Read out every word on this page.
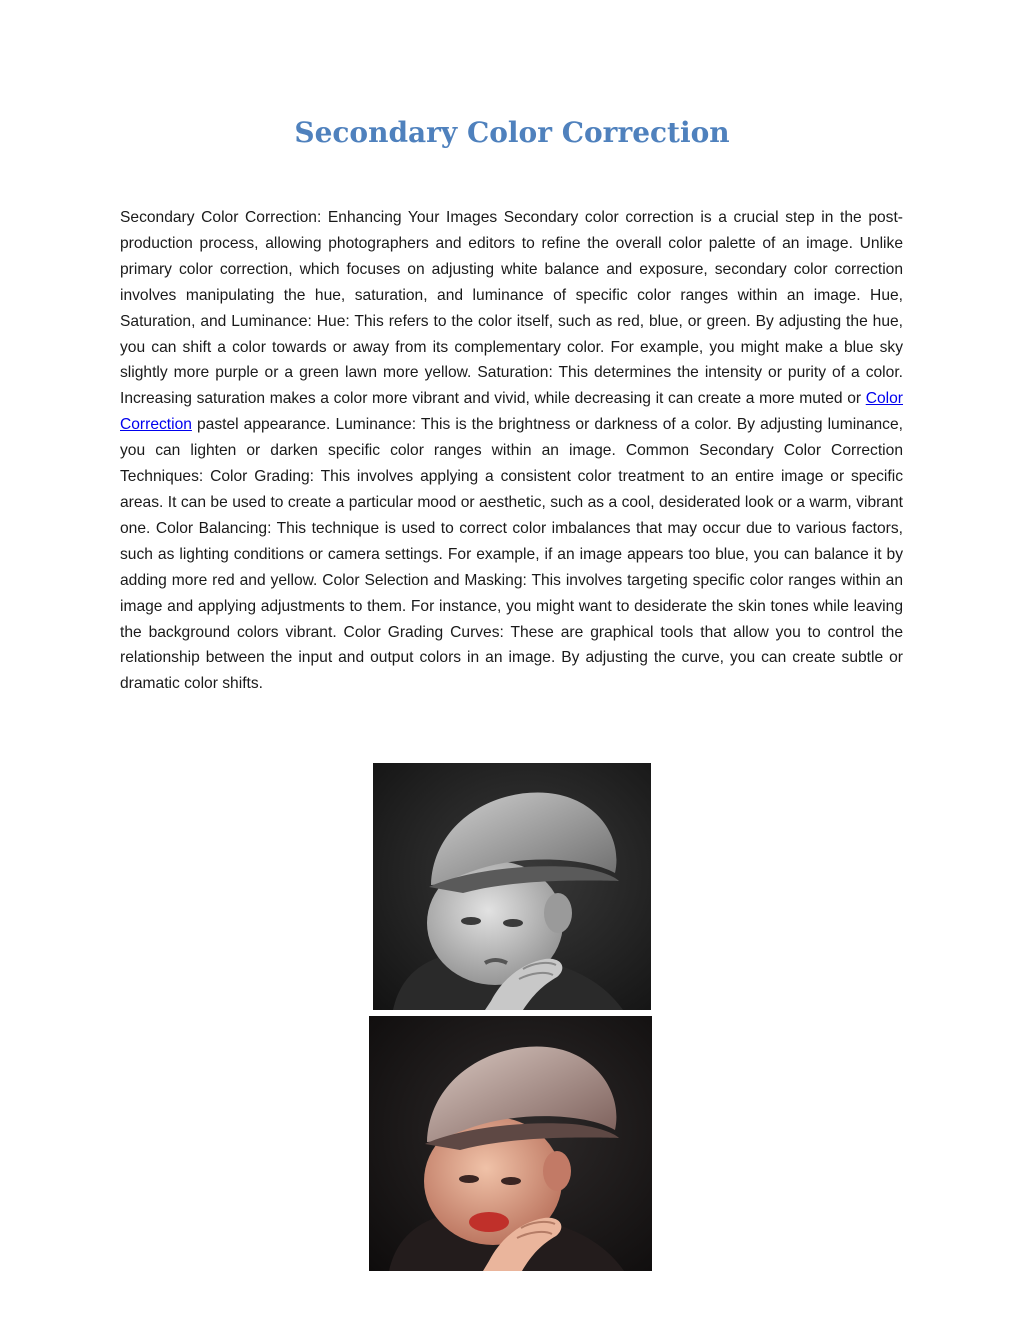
Secondary Color Correction

Secondary Color Correction: Enhancing Your Images Secondary color correction is a crucial step in the post-production process, allowing photographers and editors to refine the overall color palette of an image. Unlike primary color correction, which focuses on adjusting white balance and exposure, secondary color correction involves manipulating the hue, saturation, and luminance of specific color ranges within an image. Hue, Saturation, and Luminance: Hue: This refers to the color itself, such as red, blue, or green. By adjusting the hue, you can shift a color towards or away from its complementary color. For example, you might make a blue sky slightly more purple or a green lawn more yellow. Saturation: This determines the intensity or purity of a color. Increasing saturation makes a color more vibrant and vivid, while decreasing it can create a more muted or Color Correction pastel appearance. Luminance: This is the brightness or darkness of a color. By adjusting luminance, you can lighten or darken specific color ranges within an image. Common Secondary Color Correction Techniques: Color Grading: This involves applying a consistent color treatment to an entire image or specific areas. It can be used to create a particular mood or aesthetic, such as a cool, desiderated look or a warm, vibrant one. Color Balancing: This technique is used to correct color imbalances that may occur due to various factors, such as lighting conditions or camera settings. For example, if an image appears too blue, you can balance it by adding more red and yellow. Color Selection and Masking: This involves targeting specific color ranges within an image and applying adjustments to them. For instance, you might want to desiderate the skin tones while leaving the background colors vibrant. Color Grading Curves: These are graphical tools that allow you to control the relationship between the input and output colors in an image. By adjusting the curve, you can create subtle or dramatic color shifts.
